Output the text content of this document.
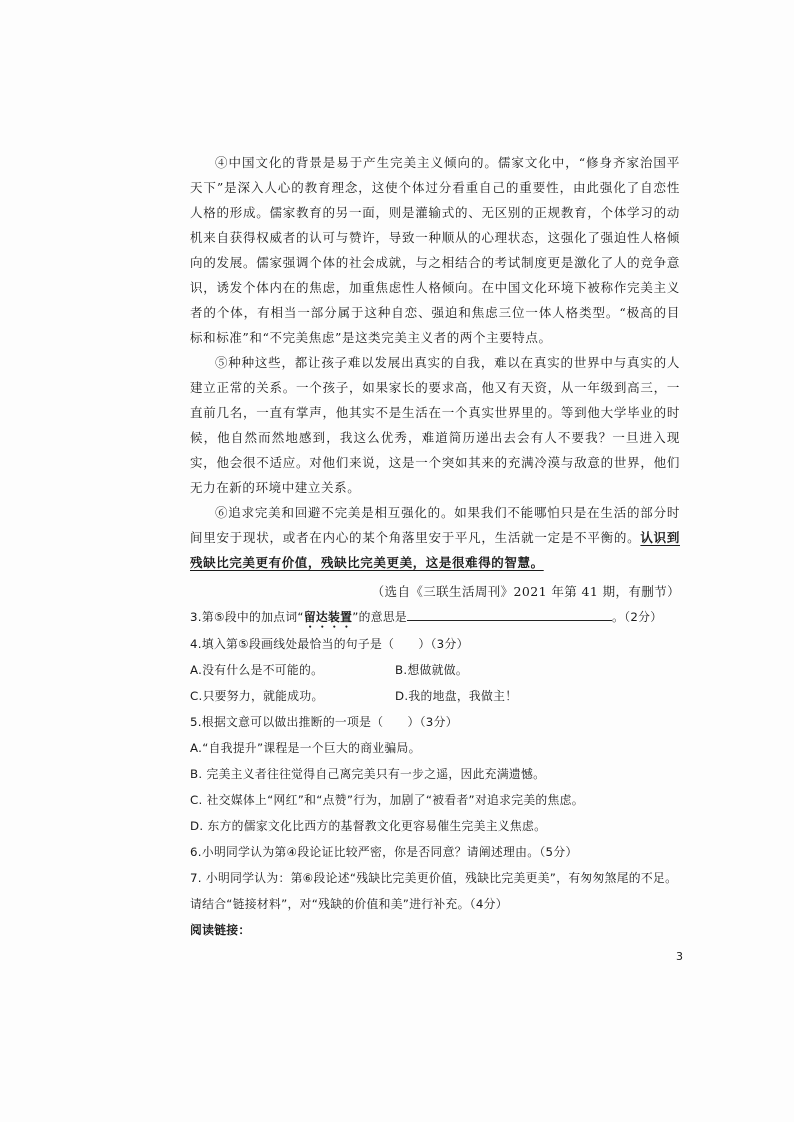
④中国文化的背景是易于产生完美主义倾向的。儒家文化中，“修身齐家治国平天下”是深入人心的教育理念，这使个体过分看重自己的重要性，由此强化了自恋性人格的形成。儒家教育的另一面，则是灌输式的、无区别的正规教育，个体学习的动机来自获得权威者的认可与赞许，导致一种顺从的心理状态，这强化了强迫性人格倾向的发展。儒家强调个体的社会成就，与之相结合的考试制度更是激化了人的竞争意识，诱发个体内在的焦虑，加重焦虑性人格倾向。在中国文化环境下被称作完美主义者的个体，有相当一部分属于这种自恋、强迫和焦虑三位一体人格类型。“极高的目标和标准”和“不完美焦虑”是这类完美主义者的两个主要特点。

⑤种种这些，都让孩子难以发展出真实的自我，难以在真实的世界中与真实的人建立正常的关系。一个孩子，如果家长的要求高，他又有天资，从一年级到高三，一直前几名，一直有掌声，他其实不是生活在一个真实世界里的。等到他大学毕业的时候，他自然而然地感到，我这么优秀，难道简历递出去会有人不要我？一旦进入现实，他会很不适应。对他们来说，这是一个突如其来的充满冷漠与敌意的世界，他们无力在新的环境中建立关系。

⑥追求完美和回避不完美是相互强化的。如果我们不能哪怕只是在生活的部分时间里安于现状，或者在内心的某个角落里安于平凡，生活就一定是不平衡的。认识到残缺比完美更有价值，残缺比完美更美，这是很难得的智慧。

（选自《三联生活周刊》2021 年第 41 期，有删节）

3.第⑤段中的加点词“留达装置”的意思是	。（2分）

4.填入第⑤段画线处最恰当的句子是（　　）（3分）

A.没有什么是不可能的。	B.想做就做。
C.只要努力，就能成功。	D.我的地盘，我做主！

5.根据文意可以做出推断的一项是（　　）（3分）

A.“自我提升”课程是一个巨大的商业骗局。

B. 完美主义者往往觉得自己离完美只有一步之遥，因此充满遗憾。

C. 社交媒体上“网红”和“点赞”行为，加剧了“被看者”对追求完美的焦虑。

D. 东方的儒家文化比西方的基督教文化更容易催生完美主义焦虑。

6.小明同学认为第④段论证比较严密，你是否同意？请阐述理由。（5分）

7. 小明同学认为：第⑥段论述“残缺比完美更价值，残缺比完美更美”，有匆匆煞尾的不足。请结合“链接材料”，对“残缺的价值和美”进行补充。（4分）

阅读链接：

3
